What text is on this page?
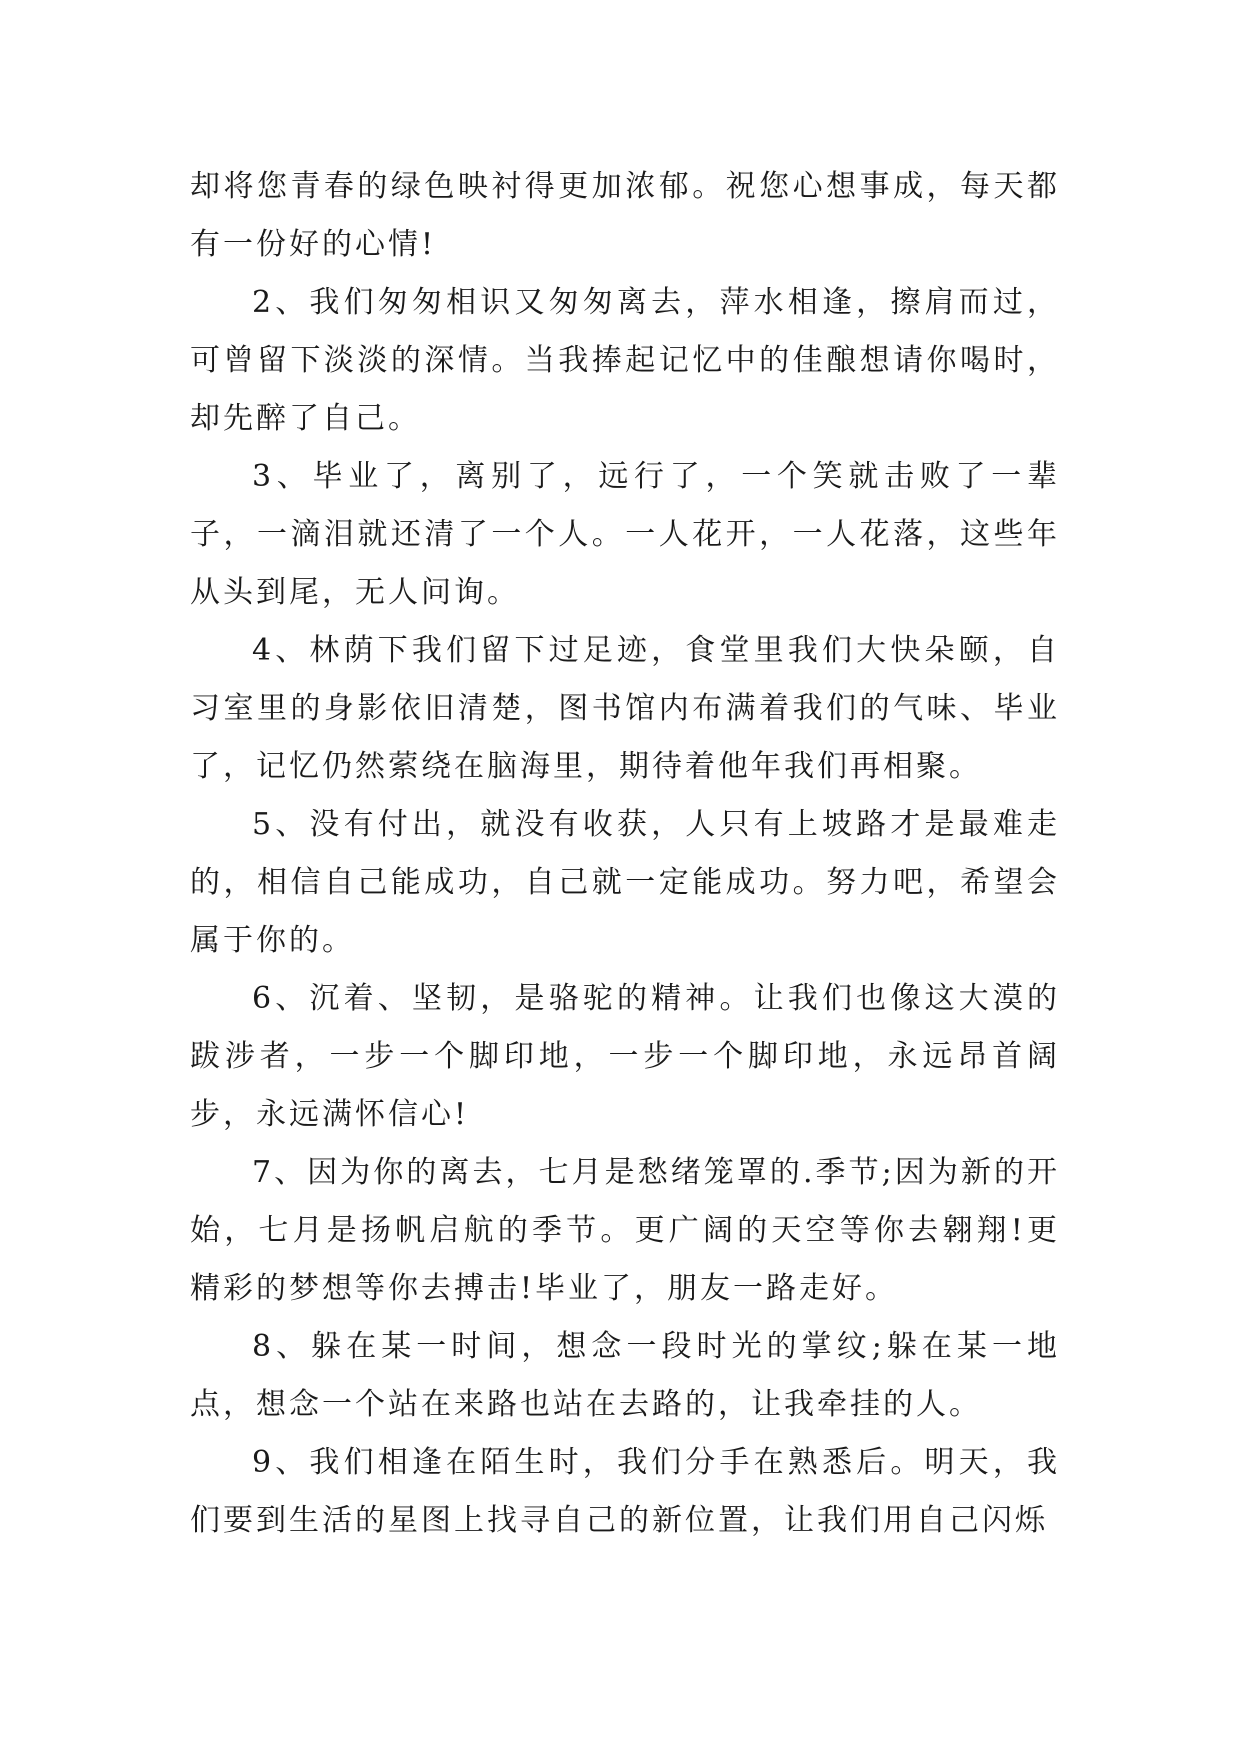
却将您青春的绿色映衬得更加浓郁。祝您心想事成，每天都有一份好的心情!

2、我们匆匆相识又匆匆离去，萍水相逢，擦肩而过，可曾留下淡淡的深情。当我捧起记忆中的佳酿想请你喝时，却先醉了自己。

3、毕业了，离别了，远行了，一个笑就击败了一辈子，一滴泪就还清了一个人。一人花开，一人花落，这些年从头到尾，无人问询。

4、林荫下我们留下过足迹，食堂里我们大快朵颐，自习室里的身影依旧清楚，图书馆内布满着我们的气味、毕业了，记忆仍然萦绕在脑海里，期待着他年我们再相聚。

5、没有付出，就没有收获，人只有上坡路才是最难走的，相信自己能成功，自己就一定能成功。努力吧，希望会属于你的。

6、沉着、坚韧，是骆驼的精神。让我们也像这大漠的跋涉者，一步一个脚印地，一步一个脚印地，永远昂首阔步，永远满怀信心!

7、因为你的离去，七月是愁绪笼罩的.季节;因为新的开始，七月是扬帆启航的季节。更广阔的天空等你去翱翔!更精彩的梦想等你去搏击!毕业了，朋友一路走好。

8、躲在某一时间，想念一段时光的掌纹;躲在某一地点，想念一个站在来路也站在去路的，让我牵挂的人。

9、我们相逢在陌生时，我们分手在熟悉后。明天，我们要到生活的星图上找寻自己的新位置，让我们用自己闪烁
